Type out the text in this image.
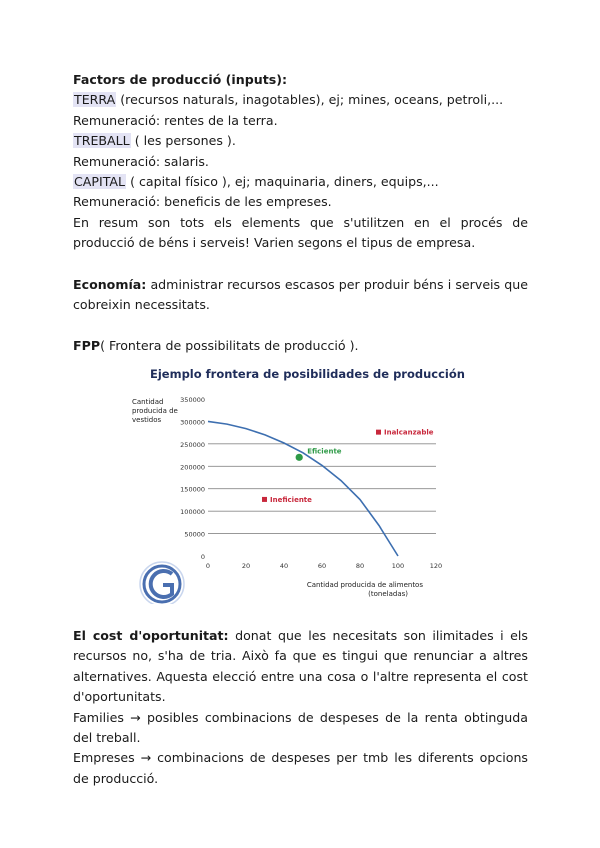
Factors de producció (inputs):

TERRA (recursos naturals, inagotables), ej; mines, oceans, petroli,...

Remuneració: rentes de la terra.

TREBALL ( les persones ).

Remuneració: salaris.

CAPITAL ( capital físico ), ej; maquinaria, diners, equips,...

Remuneració: beneficis de les empreses.

En resum son tots els elements que s'utilitzen en el procés de producció de béns i serveis! Varien segons el tipus de empresa.

Economía: administrar recursos escasos per produir béns i serveis que cobreixin necessitats.

FPP( Frontera de possibilitats de producció ).

Ejemplo frontera de posibilidades de producción
0
50000
100000
150000
200000
250000
300000
350000
0	20	40	60	80	100	120
Cantidad producida de vestidos
Cantidad producida de alimentos (toneladas)
Inalcanzable
Eficiente
Ineficiente

El cost d'oportunitat: donat que les necesitats son ilimitades i els recursos no, s'ha de tria. Això fa que es tingui que renunciar a altres alternatives. Aquesta elecció entre una cosa o l'altre representa el cost d'oportunitats.

Families → posibles combinacions de despeses de la renta obtinguda del treball.

Empreses → combinacions de despeses per tmb les diferents opcions de producció.
